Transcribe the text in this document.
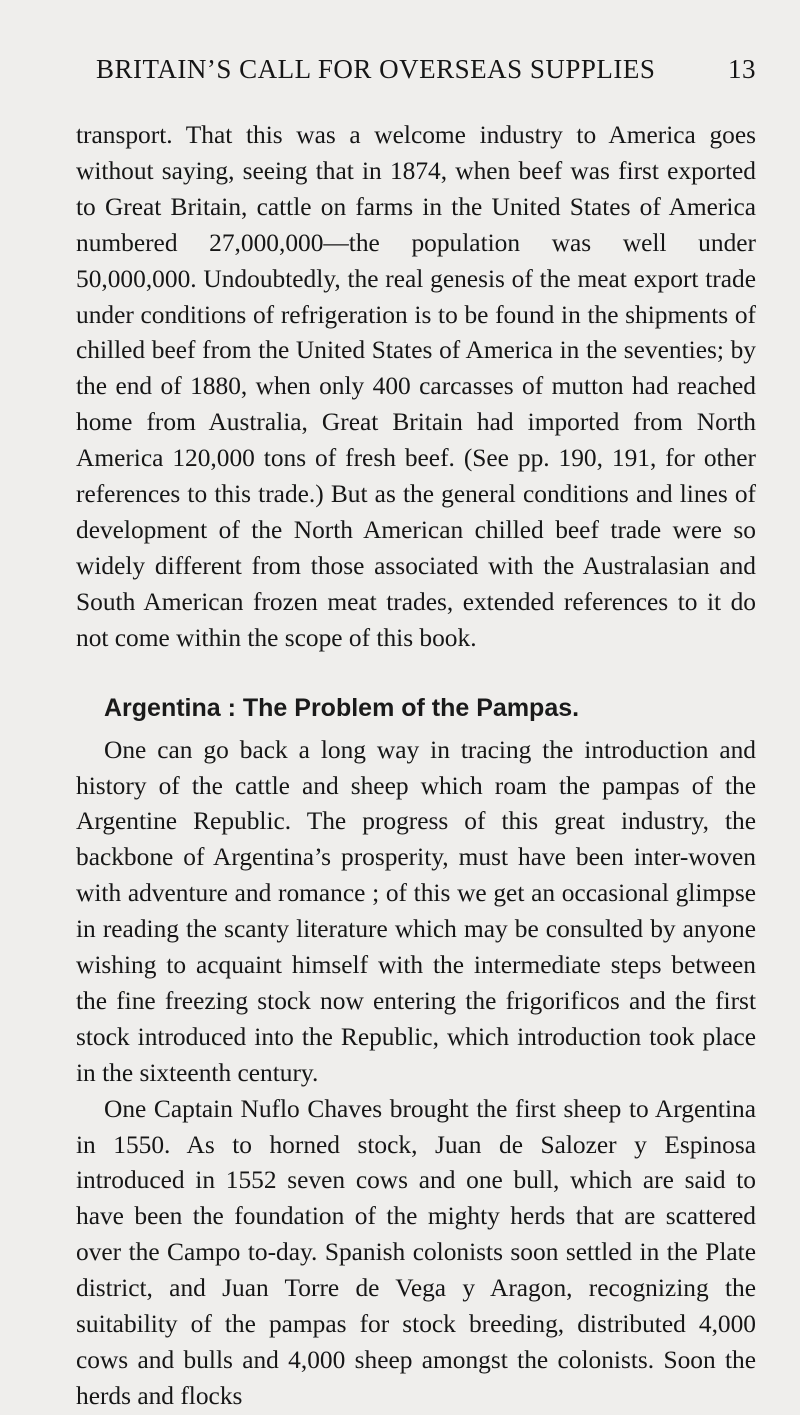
BRITAIN’S CALL FOR OVERSEAS SUPPLIES	13

transport. That this was a welcome industry to America goes without saying, seeing that in 1874, when beef was first exported to Great Britain, cattle on farms in the United States of America numbered 27,000,000—the population was well under 50,000,000. Undoubtedly, the real genesis of the meat export trade under conditions of refrigeration is to be found in the shipments of chilled beef from the United States of America in the seventies; by the end of 1880, when only 400 carcasses of mutton had reached home from Australia, Great Britain had imported from North America 120,000 tons of fresh beef. (See pp. 190, 191, for other references to this trade.) But as the general conditions and lines of development of the North American chilled beef trade were so widely different from those associated with the Australasian and South American frozen meat trades, extended references to it do not come within the scope of this book.

Argentina : The Problem of the Pampas.

One can go back a long way in tracing the introduction and history of the cattle and sheep which roam the pampas of the Argentine Republic. The progress of this great industry, the backbone of Argentina’s prosperity, must have been inter-woven with adventure and romance ; of this we get an occasional glimpse in reading the scanty literature which may be consulted by anyone wishing to acquaint himself with the intermediate steps between the fine freezing stock now entering the frigorificos and the first stock introduced into the Republic, which introduction took place in the sixteenth century.

One Captain Nuflo Chaves brought the first sheep to Argentina in 1550. As to horned stock, Juan de Salozer y Espinosa introduced in 1552 seven cows and one bull, which are said to have been the foundation of the mighty herds that are scattered over the Campo to-day. Spanish colonists soon settled in the Plate district, and Juan Torre de Vega y Aragon, recognizing the suitability of the pampas for stock breeding, distributed 4,000 cows and bulls and 4,000 sheep amongst the colonists. Soon the herds and flocks
